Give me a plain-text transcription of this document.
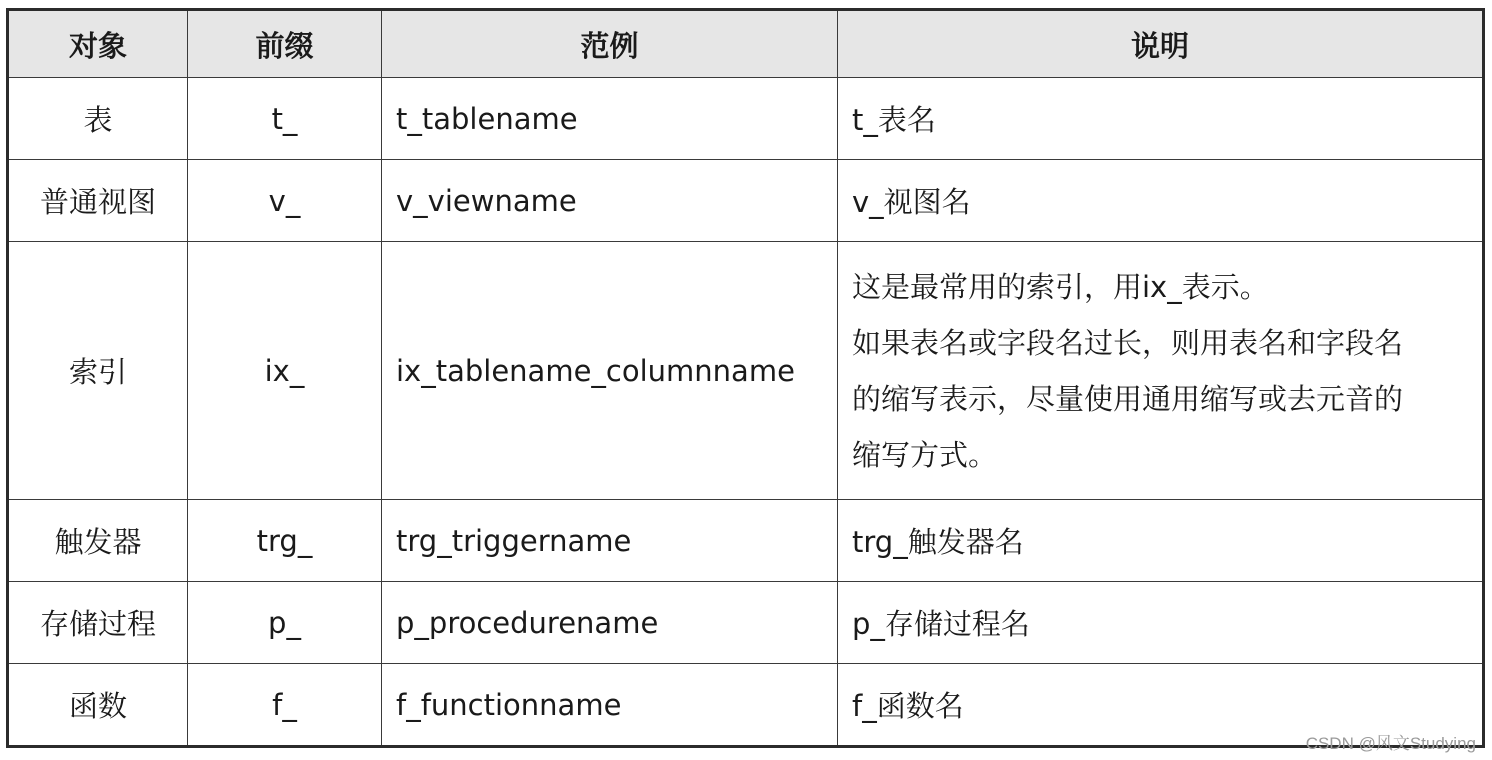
对象	前缀	范例	说明
表	t_	t_tablename	t_表名
普通视图	v_	v_viewname	v_视图名
索引	ix_	ix_tablename_columnname	这是最常用的索引，用ix_表示。
如果表名或字段名过长，则用表名和字段名
的缩写表示，尽量使用通用缩写或去元音的
缩写方式。

触发器	trg_	trg_triggername	trg_触发器名
存储过程	p_	p_procedurename	p_存储过程名
函数	f_	f_functionname	f_函数名
CSDN @风文Studying
